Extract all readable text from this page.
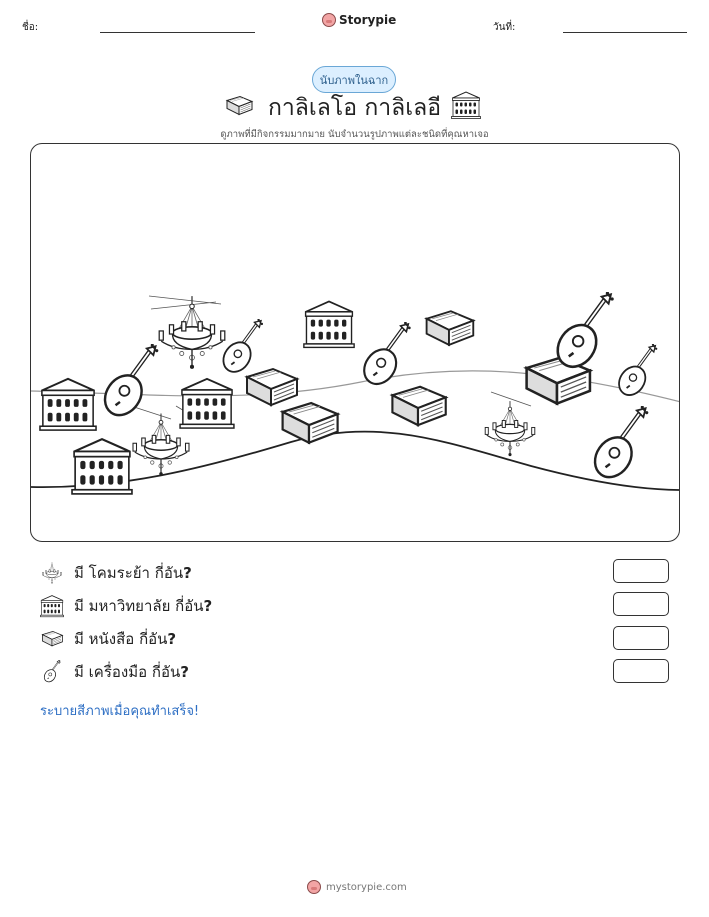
ชื่อ:	วันที่:
Storypie
นับภาพในฉาก
กาลิเลโอ กาลิเลอี
ดูภาพที่มีกิจกรรมมากมาย นับจำนวนรูปภาพแต่ละชนิดที่คุณหาเจอ
มี โคมระย้า กี่อัน?
มี มหาวิทยาลัย กี่อัน?
มี หนังสือ กี่อัน?
มี เครื่องมือ กี่อัน?
ระบายสีภาพเมื่อคุณทำเสร็จ!
mystorypie.com
